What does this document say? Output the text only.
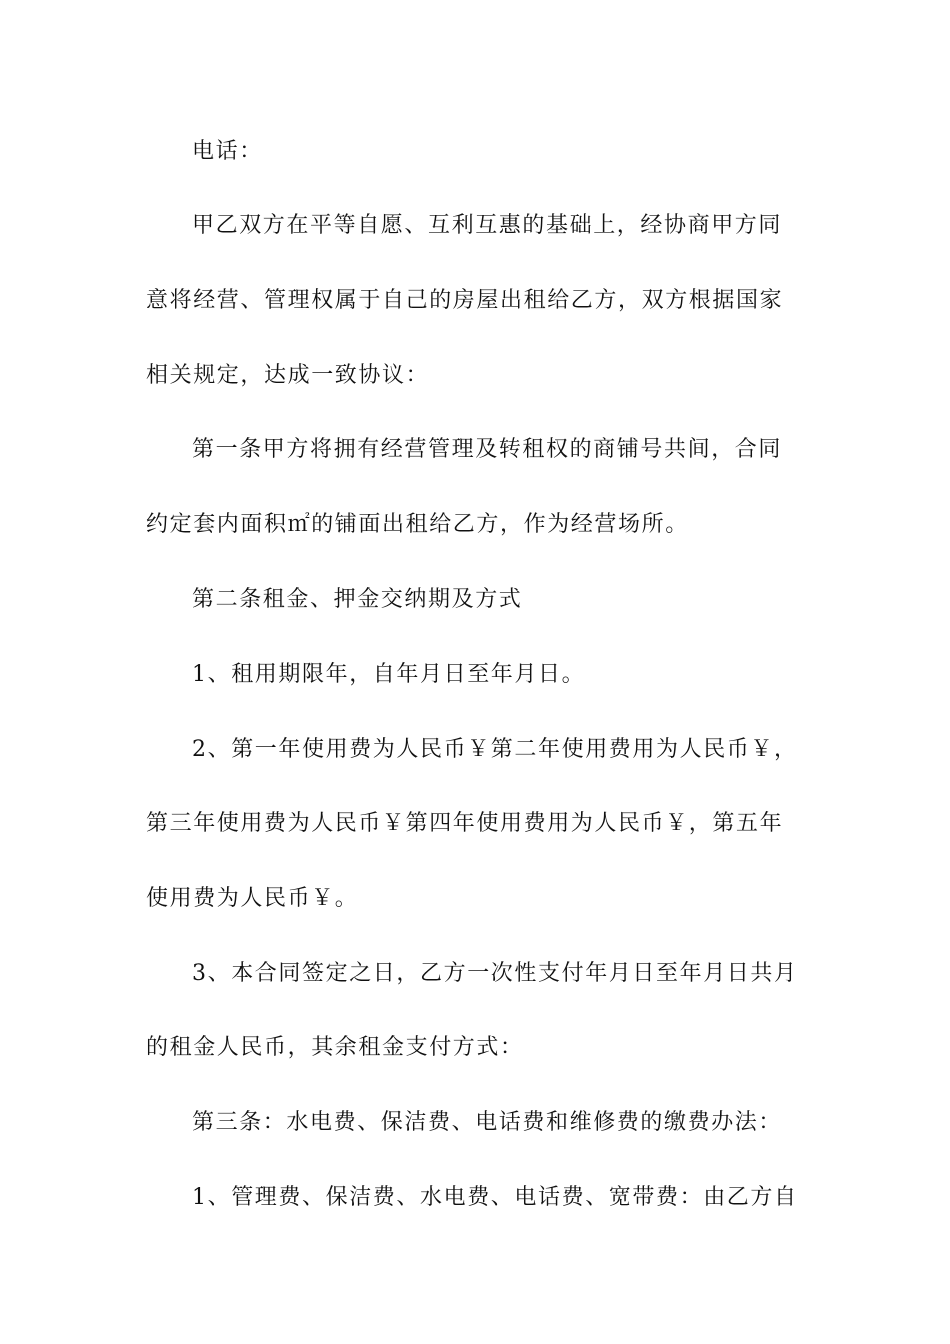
电话：
甲乙双方在平等自愿、互利互惠的基础上，经协商甲方同
意将经营、管理权属于自己的房屋出租给乙方，双方根据国家
相关规定，达成一致协议：
第一条甲方将拥有经营管理及转租权的商铺号共间，合同
约定套内面积㎡的铺面出租给乙方，作为经营场所。
第二条租金、押金交纳期及方式
1、租用期限年，自年月日至年月日。
2、第一年使用费为人民币￥第二年使用费用为人民币￥，
第三年使用费为人民币￥第四年使用费用为人民币￥，第五年
使用费为人民币￥。
3、本合同签定之日，乙方一次性支付年月日至年月日共月
的租金人民币，其余租金支付方式：
第三条：水电费、保洁费、电话费和维修费的缴费办法：
1、管理费、保洁费、水电费、电话费、宽带费：由乙方自
